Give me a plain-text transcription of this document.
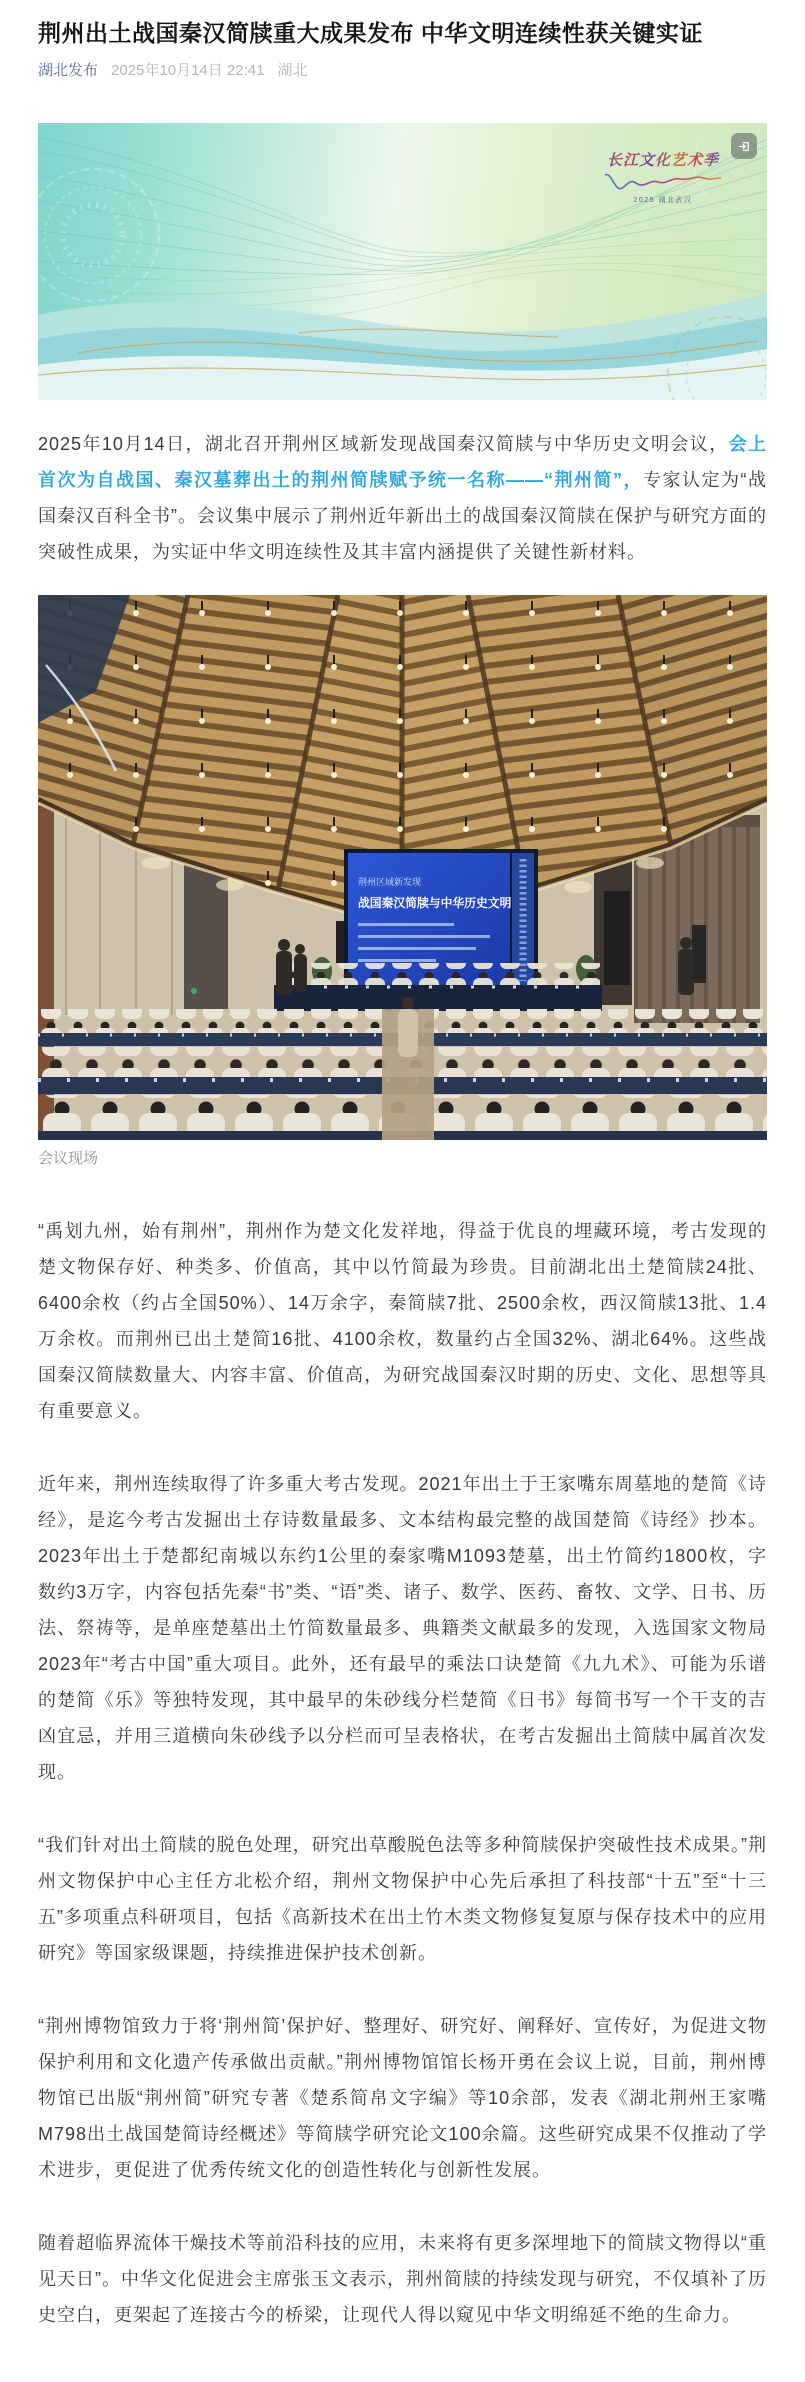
荆州出土战国秦汉简牍重大成果发布 中华文明连续性获关键实证
湖北发布 2025年10月14日 22:41 湖北
长江文化艺术季
2025 湖北武汉

2025年10月14日，湖北召开荆州区域新发现战国秦汉简牍与中华历史文明会议，会上首次为自战国、秦汉墓葬出土的荆州简牍赋予统一名称——“荆州简”，专家认定为“战国秦汉百科全书”。会议集中展示了荆州近年新出土的战国秦汉简牍在保护与研究方面的突破性成果，为实证中华文明连续性及其丰富内涵提供了关键性新材料。

荆州区域新发现
战国秦汉简牍与中华历史文明
会议现场

“禹划九州，始有荆州”，荆州作为楚文化发祥地，得益于优良的埋藏环境，考古发现的楚文物保存好、种类多、价值高，其中以竹简最为珍贵。目前湖北出土楚简牍24批、6400余枚（约占全国50%）、14万余字，秦简牍7批、2500余枚，西汉简牍13批、1.4万余枚。而荆州已出土楚简16批、4100余枚，数量约占全国32%、湖北64%。这些战国秦汉简牍数量大、内容丰富、价值高，为研究战国秦汉时期的历史、文化、思想等具有重要意义。

近年来，荆州连续取得了许多重大考古发现。2021年出土于王家嘴东周墓地的楚简《诗经》，是迄今考古发掘出土存诗数量最多、文本结构最完整的战国楚简《诗经》抄本。 2023年出土于楚都纪南城以东约1公里的秦家嘴M1093楚墓，出土竹简约1800枚，字数约3万字，内容包括先秦“书”类、“语”类、诸子、数学、医药、畜牧、文学、日书、历法、祭祷等，是单座楚墓出土竹简数量最多、典籍类文献最多的发现，入选国家文物局2023年“考古中国”重大项目。此外，还有最早的乘法口诀楚简《九九术》、可能为乐谱的楚简《乐》等独特发现，其中最早的朱砂线分栏楚简《日书》每简书写一个干支的吉凶宜忌，并用三道横向朱砂线予以分栏而可呈表格状，在考古发掘出土简牍中属首次发现。

“我们针对出土简牍的脱色处理，研究出草酸脱色法等多种简牍保护突破性技术成果。”荆州文物保护中心主任方北松介绍，荆州文物保护中心先后承担了科技部“十五”至“十三五”多项重点科研项目，包括《高新技术在出土竹木类文物修复复原与保存技术中的应用研究》等国家级课题，持续推进保护技术创新。

“荆州博物馆致力于将‘荆州简’保护好、整理好、研究好、阐释好、宣传好，为促进文物保护利用和文化遗产传承做出贡献。”荆州博物馆馆长杨开勇在会议上说，目前，荆州博物馆已出版“荆州简”研究专著《楚系简帛文字编》等10余部，发表《湖北荆州王家嘴M798出土战国楚简诗经概述》等简牍学研究论文100余篇。这些研究成果不仅推动了学术进步，更促进了优秀传统文化的创造性转化与创新性发展。

随着超临界流体干燥技术等前沿科技的应用，未来将有更多深埋地下的简牍文物得以“重见天日”。中华文化促进会主席张玉文表示，荆州简牍的持续发现与研究，不仅填补了历史空白，更架起了连接古今的桥梁，让现代人得以窥见中华文明绵延不绝的生命力。
